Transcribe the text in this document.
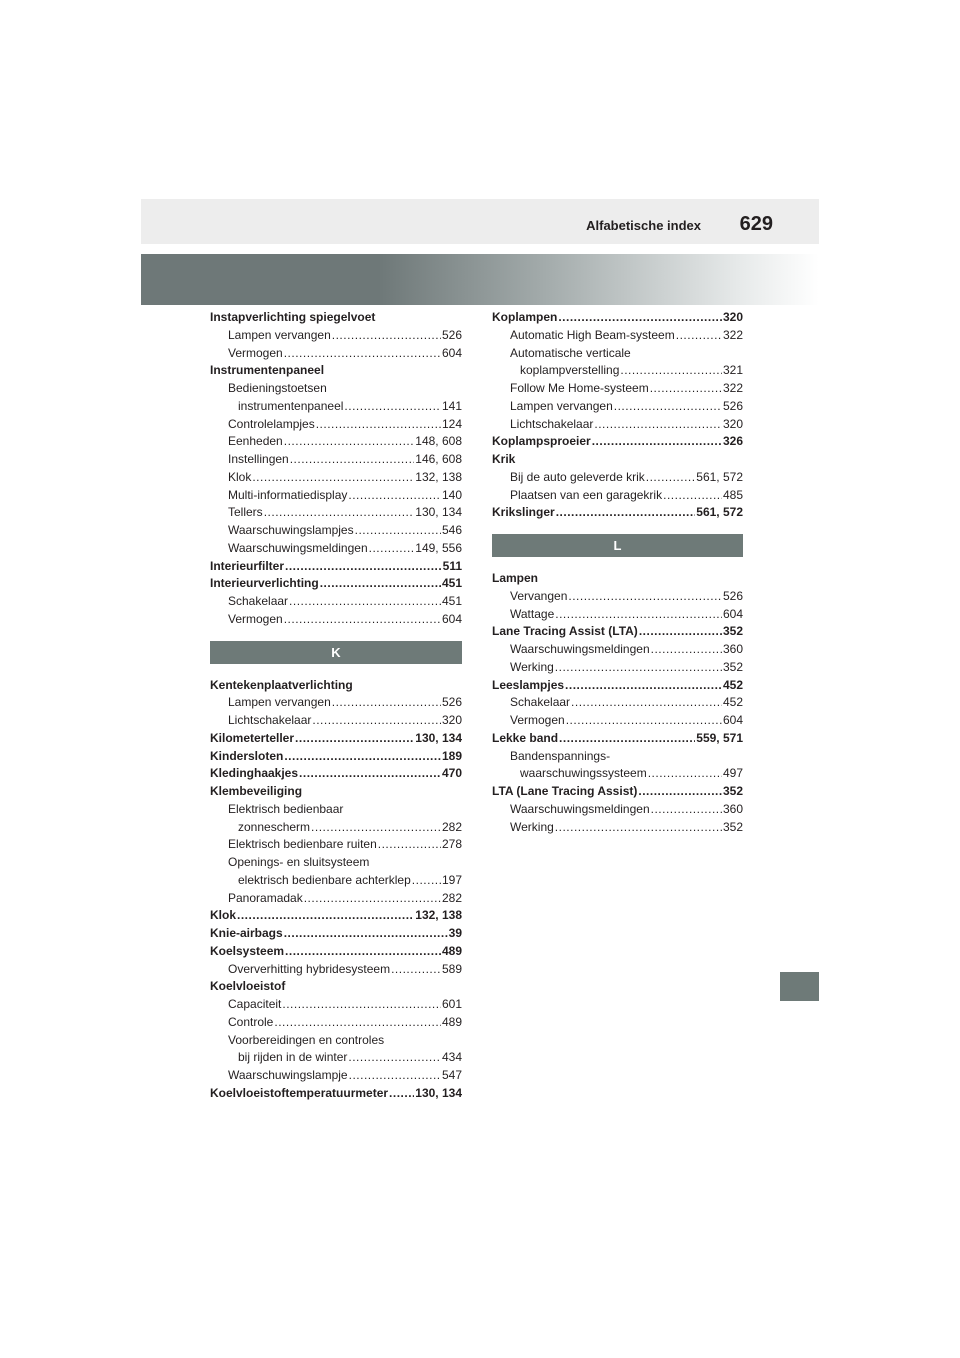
Alfabetische index 629
Instapverlichting spiegelvoet
Lampen vervangen .....	526
Vermogen .....	604
Instrumentenpaneel
Bedieningstoetsen
instrumentenpaneel .....	141
Controlelampjes .....	124
Eenheden .....	148, 608
Instellingen .....	146, 608
Klok .....	132, 138
Multi-informatiedisplay .....	140
Tellers .....	130, 134
Waarschuwingslampjes .....	546
Waarschuwingsmeldingen .....	149, 556
Interieurfilter .....	511
Interieurverlichting .....	451
Schakelaar .....	451
Vermogen .....	604
K
Kentekenplaatverlichting
Lampen vervangen .....	526
Lichtschakelaar .....	320
Kilometerteller .....	130, 134
Kindersloten .....	189
Kledinghaakjes .....	470
Klembeveiliging
Elektrisch bedienbaar
zonnescherm .....	282
Elektrisch bedienbare ruiten .....	278
Openings- en sluitsysteem
elektrisch bedienbare achterklep .....	197
Panoramadak .....	282
Klok .....	132, 138
Knie-airbags .....	39
Koelsysteem .....	489
Oververhitting hybridesysteem .....	589
Koelvloeistof
Capaciteit .....	601
Controle .....	489
Voorbereidingen en controles
bij rijden in de winter .....	434
Waarschuwingslampje .....	547
Koelvloeistoftemperatuurmeter ..... 130, 134
Koplampen .....	320
Automatic High Beam-systeem .....	322
Automatische verticale
koplampverstelling .....	321
Follow Me Home-systeem .....	322
Lampen vervangen .....	526
Lichtschakelaar .....	320
Koplampsproeier .....	326
Krik
Bij de auto geleverde krik .....	561, 572
Plaatsen van een garagekrik .....	485
Krikslinger .....	561, 572
L
Lampen
Vervangen .....	526
Wattage .....	604
Lane Tracing Assist (LTA) .....	352
Waarschuwingsmeldingen .....	360
Werking .....	352
Leeslampjes .....	452
Schakelaar .....	452
Vermogen .....	604
Lekke band .....	559, 571
Bandenspannings-
waarschuwingssysteem .....	497
LTA (Lane Tracing Assist) .....	352
Waarschuwingsmeldingen .....	360
Werking .....	352
